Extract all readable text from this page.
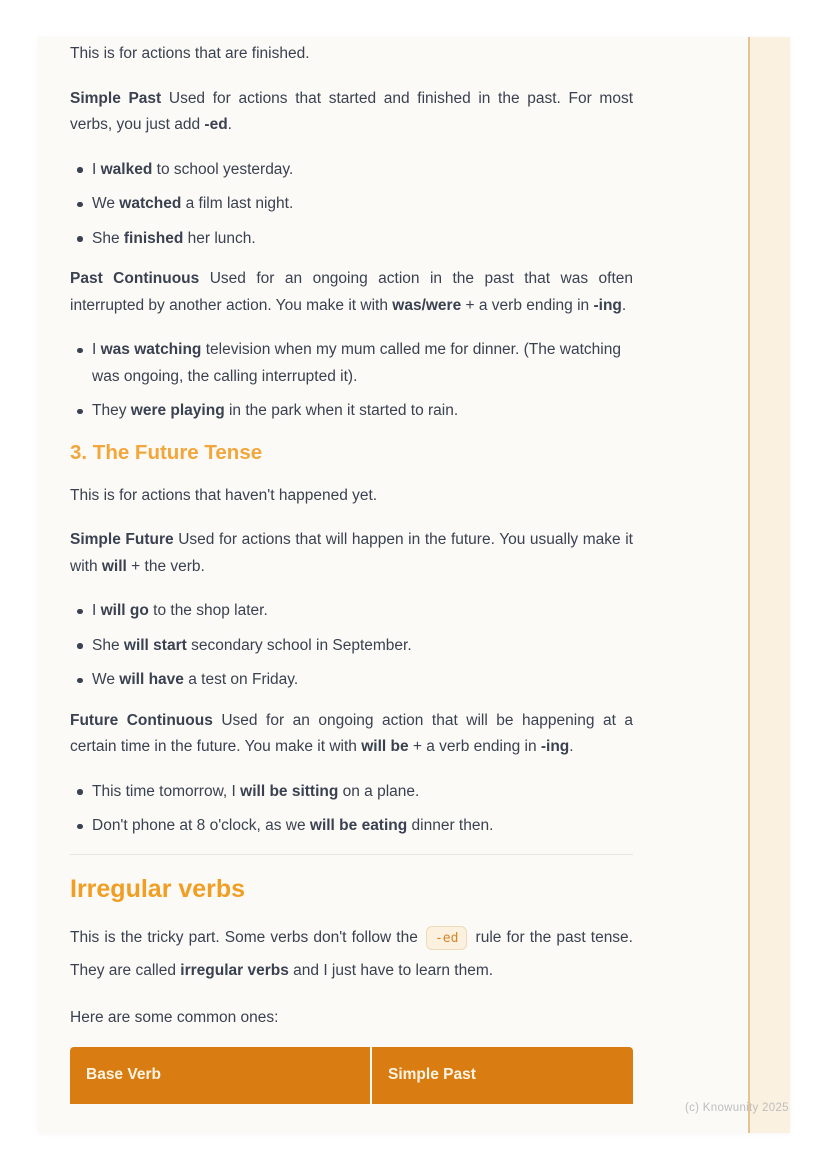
This is for actions that are finished.

Simple Past Used for actions that started and finished in the past. For most verbs, you just add -ed.

I walked to school yesterday.
We watched a film last night.
She finished her lunch.

Past Continuous Used for an ongoing action in the past that was often interrupted by another action. You make it with was/were + a verb ending in -ing.

I was watching television when my mum called me for dinner. (The watching was ongoing, the calling interrupted it).
They were playing in the park when it started to rain.
3. The Future Tense

This is for actions that haven't happened yet.

Simple Future Used for actions that will happen in the future. You usually make it with will + the verb.

I will go to the shop later.
She will start secondary school in September.
We will have a test on Friday.

Future Continuous Used for an ongoing action that will be happening at a certain time in the future. You make it with will be + a verb ending in -ing.

This time tomorrow, I will be sitting on a plane.
Don't phone at 8 o'clock, as we will be eating dinner then.
Irregular verbs

This is the tricky part. Some verbs don't follow the -ed rule for the past tense. They are called irregular verbs and I just have to learn them.

Here are some common ones:

Base Verb	Simple Past
(c) Knowunity 2025
